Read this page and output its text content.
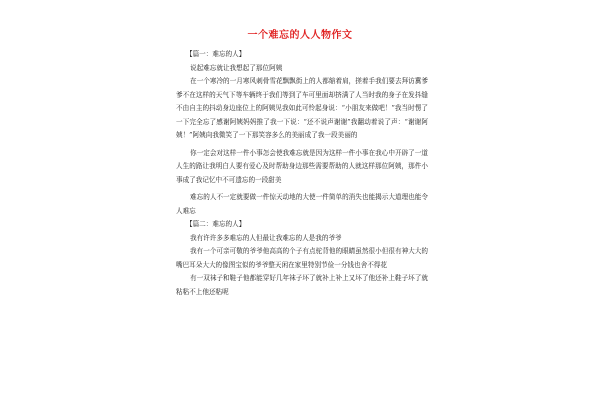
一个难忘的人人物作文

【篇一：难忘的人】

说起难忘就让我想起了那位阿姨

在一个寒冷的一月寒风刺骨雪花飘飘街上的人都缩着肩，搓着手我们要去拜访冀爹爹不在这样的天气下等车辆终于我们等到了车可里面却挤满了人当时我的身子在发抖缝不由自主的抖动身边座位上的阿姨见我如此可怜起身说：“小朋友来做吧！”我当时愣了一下完全忘了感谢阿姨妈妈推了我一下说：“还不说声谢谢”我翻动着说了声：“谢谢阿姨！”阿姨向我微笑了一下那笑容多么的美丽成了我一段美丽的

你一定会对这样一件小事怎会使我难忘就是因为这样一件小事在我心中开辟了一道人生的路让我明白人要有爱心及时帮助身边那些需要帮助的人就这样那位阿姨，那件小事成了我记忆中不可遗忘的一段甜美

难忘的人不一定就要做一件惊天动地的大使一件简单的消失也能揭示大道理也能令人难忘

【篇二：难忘的人】

我有许许多多难忘的人但最让我难忘的人是我的爷爷

我有一个可亲可敬的爷爷他高高的个子有点驼背他的眼睛虽然很小但很有神大大的嘴巴耳朵大大的像图宝似的爷爷整天闲在家里特别节俭一分钱也舍不得花

有一双袜子和鞋子他都能穿好几年袜子坏了就补上补上又坏了他还补上鞋子坏了就粘粘不上他还粘呢
